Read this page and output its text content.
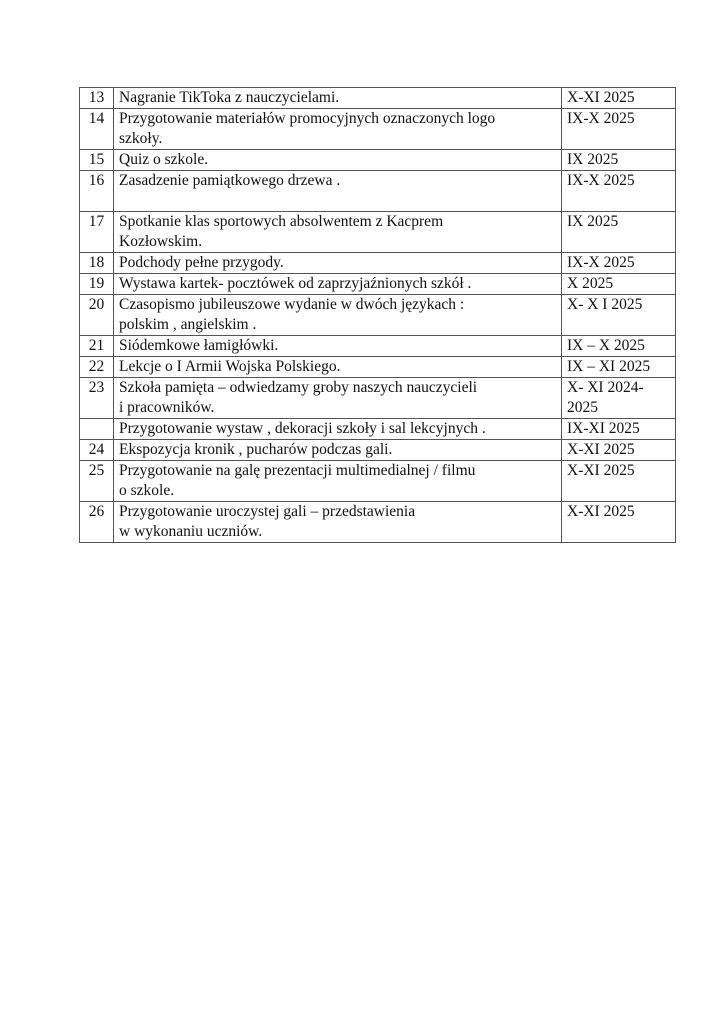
13	Nagranie TikToka z nauczycielami.	X-XI 2025

14	Przygotowanie materiałów promocyjnych oznaczonych logo
szkoły.	IX-X 2025

15	Quiz o szkole.	IX 2025

16	Zasadzenie pamiątkowego drzewa .	IX-X 2025

17	Spotkanie klas sportowych absolwentem z Kacprem
Kozłowskim.	IX 2025

18	Podchody pełne przygody.	IX-X 2025

19	Wystawa kartek- pocztówek od zaprzyjaźnionych szkół .	X 2025

20	Czasopismo jubileuszowe wydanie w dwóch językach :
polskim , angielskim .	X- X I 2025

21	Siódemkowe łamigłówki.	IX – X 2025

22	Lekcje o I Armii Wojska Polskiego.	IX – XI 2025

23	Szkoła pamięta – odwiedzamy groby naszych nauczycieli
i pracowników.	X- XI 2024-
2025

	Przygotowanie wystaw , dekoracji szkoły i sal lekcyjnych .	IX-XI 2025

24	Ekspozycja kronik , pucharów podczas gali.	X-XI 2025

25	Przygotowanie na galę prezentacji multimedialnej / filmu
o szkole.	X-XI 2025

26	Przygotowanie uroczystej gali – przedstawienia
w wykonaniu uczniów.	X-XI 2025
